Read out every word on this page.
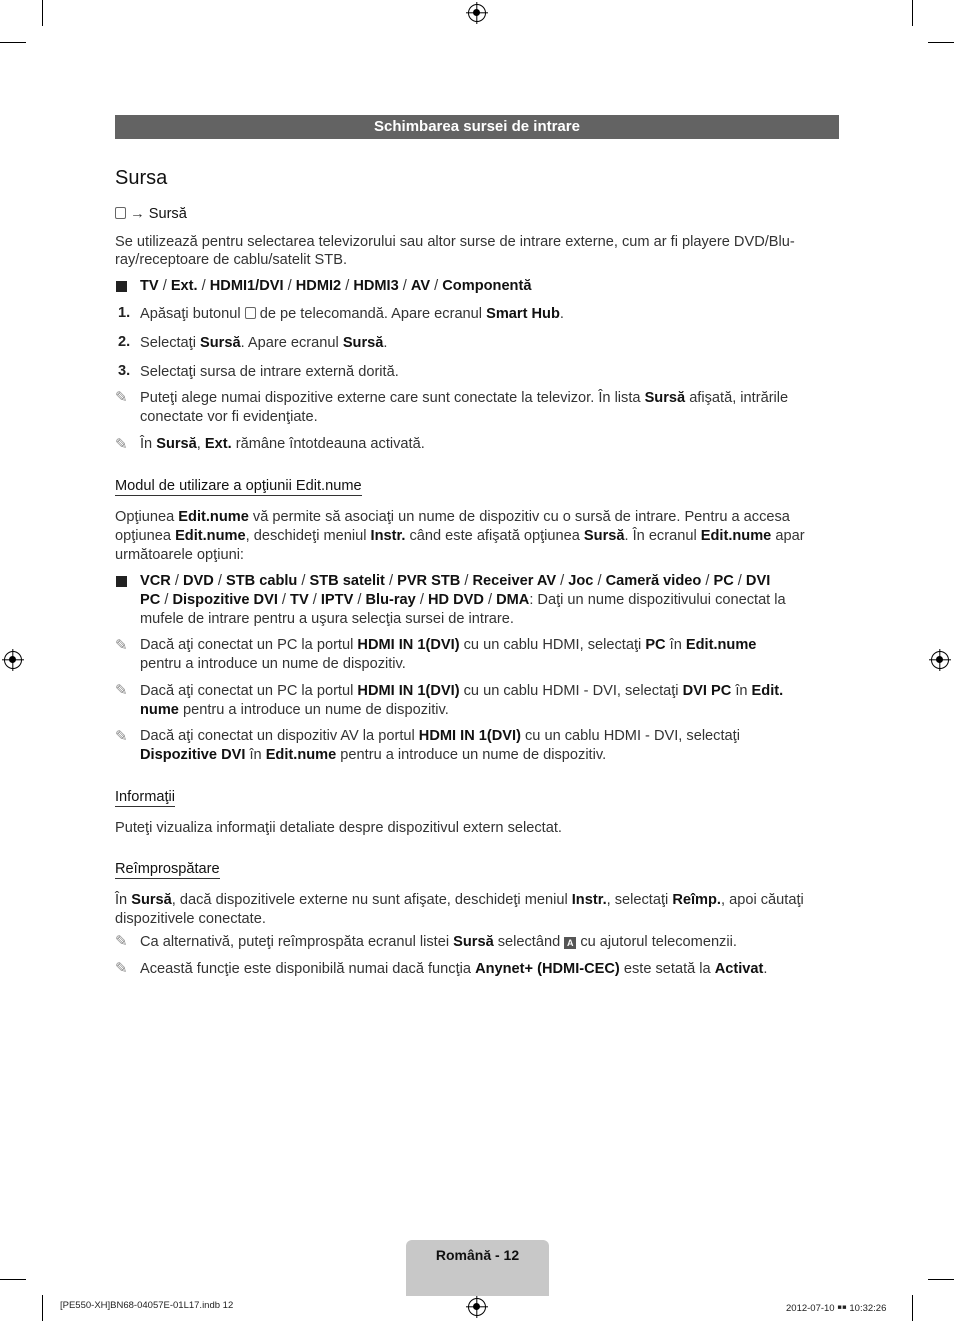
Schimbarea sursei de intrare
Sursa
→ Sursă
Se utilizează pentru selectarea televizorului sau altor surse de intrare externe, cum ar fi playere DVD/Blu-
ray/receptoare de cablu/satelit STB.
TV / Ext. / HDMI1/DVI / HDMI2 / HDMI3 / AV / Componentă
1. Apăsaţi butonul  de pe telecomandă. Apare ecranul Smart Hub.
2. Selectaţi Sursă. Apare ecranul Sursă.
3. Selectaţi sursa de intrare externă dorită.
✎ Puteţi alege numai dispozitive externe care sunt conectate la televizor. În lista Sursă afişată, intrările
conectate vor fi evidenţiate.
✎ În Sursă, Ext. rămâne întotdeauna activată.
Modul de utilizare a opţiunii Edit.nume
Opţiunea Edit.nume vă permite să asociaţi un nume de dispozitiv cu o sursă de intrare. Pentru a accesa
opţiunea Edit.nume, deschideţi meniul Instr. când este afişată opţiunea Sursă. În ecranul Edit.nume apar
următoarele opţiuni:
VCR / DVD / STB cablu / STB satelit / PVR STB / Receiver AV / Joc / Cameră video / PC / DVI
PC / Dispozitive DVI / TV / IPTV / Blu-ray / HD DVD / DMA: Daţi un nume dispozitivului conectat la
mufele de intrare pentru a uşura selecţia sursei de intrare.
✎ Dacă aţi conectat un PC la portul HDMI IN 1(DVI) cu un cablu HDMI, selectaţi PC în Edit.nume
pentru a introduce un nume de dispozitiv.
✎ Dacă aţi conectat un PC la portul HDMI IN 1(DVI) cu un cablu HDMI - DVI, selectaţi DVI PC în Edit.
nume pentru a introduce un nume de dispozitiv.
✎ Dacă aţi conectat un dispozitiv AV la portul HDMI IN 1(DVI) cu un cablu HDMI - DVI, selectaţi
Dispozitive DVI în Edit.nume pentru a introduce un nume de dispozitiv.
Informaţii
Puteţi vizualiza informaţii detaliate despre dispozitivul extern selectat.
Reîmprospătare
În Sursă, dacă dispozitivele externe nu sunt afişate, deschideţi meniul Instr., selectaţi Reîmp., apoi căutaţi
dispozitivele conectate.
✎ Ca alternativă, puteţi reîmprospăta ecranul listei Sursă selectând A cu ajutorul telecomenzii.
✎ Această funcţie este disponibilă numai dacă funcţia Anynet+ (HDMI-CEC) este setată la Activat.
Română - 12
[PE550-XH]BN68-04057E-01L17.indb 12	2012-07-10 ￭￭ 10:32:26
